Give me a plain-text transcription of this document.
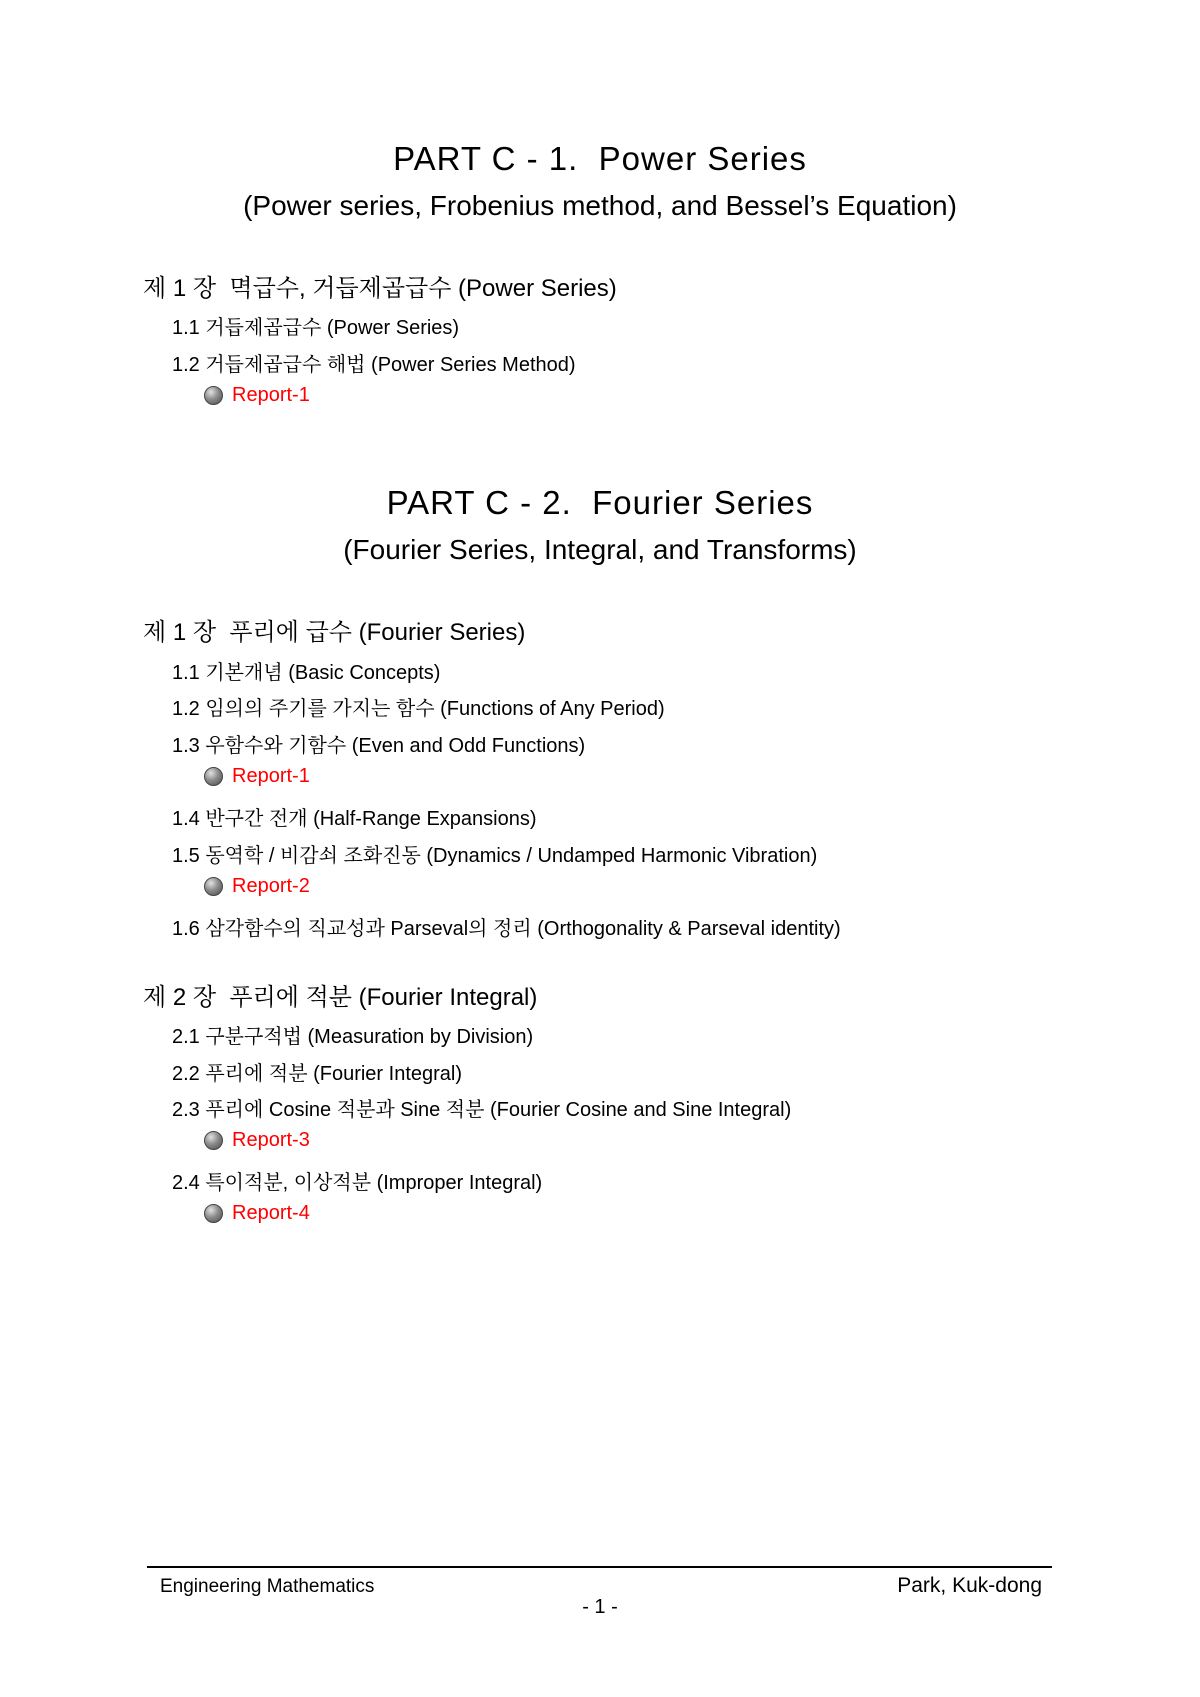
PART C - 1.  Power Series
(Power series, Frobenius method, and Bessel’s Equation)
제 1 장  멱급수, 거듭제곱급수 (Power Series)
1.1 거듭제곱급수 (Power Series)
1.2 거듭제곱급수 해법 (Power Series Method)
Report-1
PART C - 2.  Fourier Series
(Fourier Series, Integral, and Transforms)
제 1 장  푸리에 급수 (Fourier Series)
1.1 기본개념 (Basic Concepts)
1.2 임의의 주기를 가지는 함수 (Functions of Any Period)
1.3 우함수와 기함수 (Even and Odd Functions)
Report-1
1.4 반구간 전개 (Half-Range Expansions)
1.5 동역학 / 비감쇠 조화진동 (Dynamics / Undamped Harmonic Vibration)
Report-2
1.6 삼각함수의 직교성과 Parseval의 정리 (Orthogonality & Parseval identity)
제 2 장  푸리에 적분 (Fourier Integral)
2.1 구분구적법 (Measuration by Division)
2.2 푸리에 적분 (Fourier Integral)
2.3 푸리에 Cosine 적분과 Sine 적분 (Fourier Cosine and Sine Integral)
Report-3
2.4 특이적분, 이상적분 (Improper Integral)
Report-4
Engineering Mathematics	Park, Kuk-dong
- 1 -
